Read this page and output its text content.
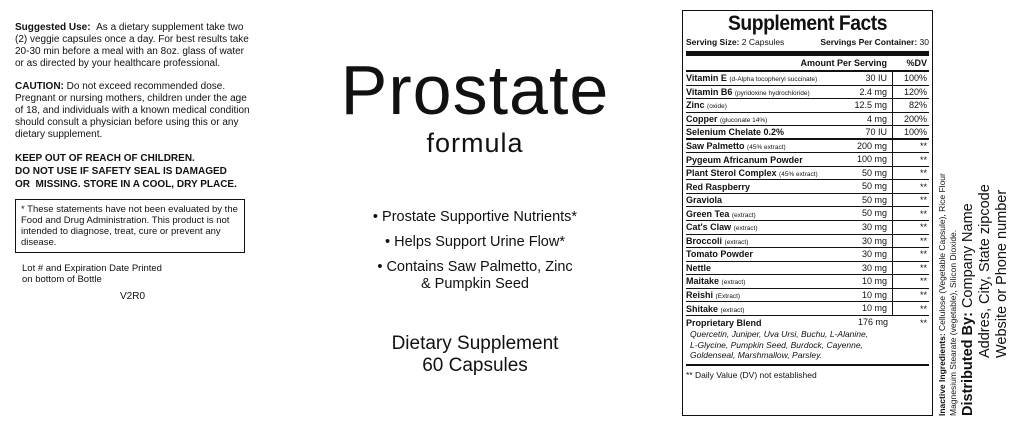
Suggested Use: As a dietary supplement take two (2) veggie capsules once a day. For best results take 20-30 min before a meal with an 8oz. glass of water or as directed by your healthcare professional.

CAUTION: Do not exceed recommended dose. Pregnant or nursing mothers, children under the age of 18, and individuals with a known medical condition should consult a physician before using this or any dietary supplement.

KEEP OUT OF REACH OF CHILDREN.
DO NOT USE IF SAFETY SEAL IS DAMAGED
OR  MISSING. STORE IN A COOL, DRY PLACE.
* These statements have not been evaluated by the Food and Drug Administration. This product is not intended to diagnose, treat, cure or prevent any disease.
Lot # and Expiration Date Printed
on bottom of Bottle
V2R0
Prostate
formula
• Prostate Supportive Nutrients*
• Helps Support Urine Flow*
• Contains Saw Palmetto, Zinc
& Pumpkin Seed
Dietary Supplement
60 Capsules
Supplement Facts
Serving Size: 2 Capsules	Servings Per Container: 30
Amount Per Serving	%DV
Vitamin E (d-Alpha tocopheryl succinate)	30 IU	100%
Vitamin B6 (pyridoxine hydrochloride)	2.4 mg	120%
Zinc (oxide)	12.5 mg	82%
Copper (gluconate 14%)	4 mg	200%
Selenium Chelate 0.2%	70 IU	100%
Saw Palmetto (45% extract)	200 mg	**
Pygeum Africanum Powder	100 mg	**
Plant Sterol Complex (45% extract)	50 mg	**
Red Raspberry	50 mg	**
Graviola	50 mg	**
Green Tea (extract)	50 mg	**
Cat's Claw (extract)	30 mg	**
Broccoli (extract)	30 mg	**
Tomato Powder	30 mg	**
Nettle	30 mg	**
Maitake (extract)	10 mg	**
Reishi (Extract)	10 mg	**
Shitake (extract)	10 mg	**
Proprietary Blend	176 mg	**
Quercetin, Juniper, Uva Ursi, Buchu, L-Alanine,
L-Glycine, Pumpkin Seed, Burdock, Cayenne,
Goldenseal, Marshmallow, Parsley.
** Daily Value (DV) not established	Inactive Ingredients: Cellulose (Vegetable Capsule), Rice Flour Magnesium Stearate (vegetable), Silicon Dioxide. Distributed By: Company Name Addres, City, State zipcode Website or Phone number
